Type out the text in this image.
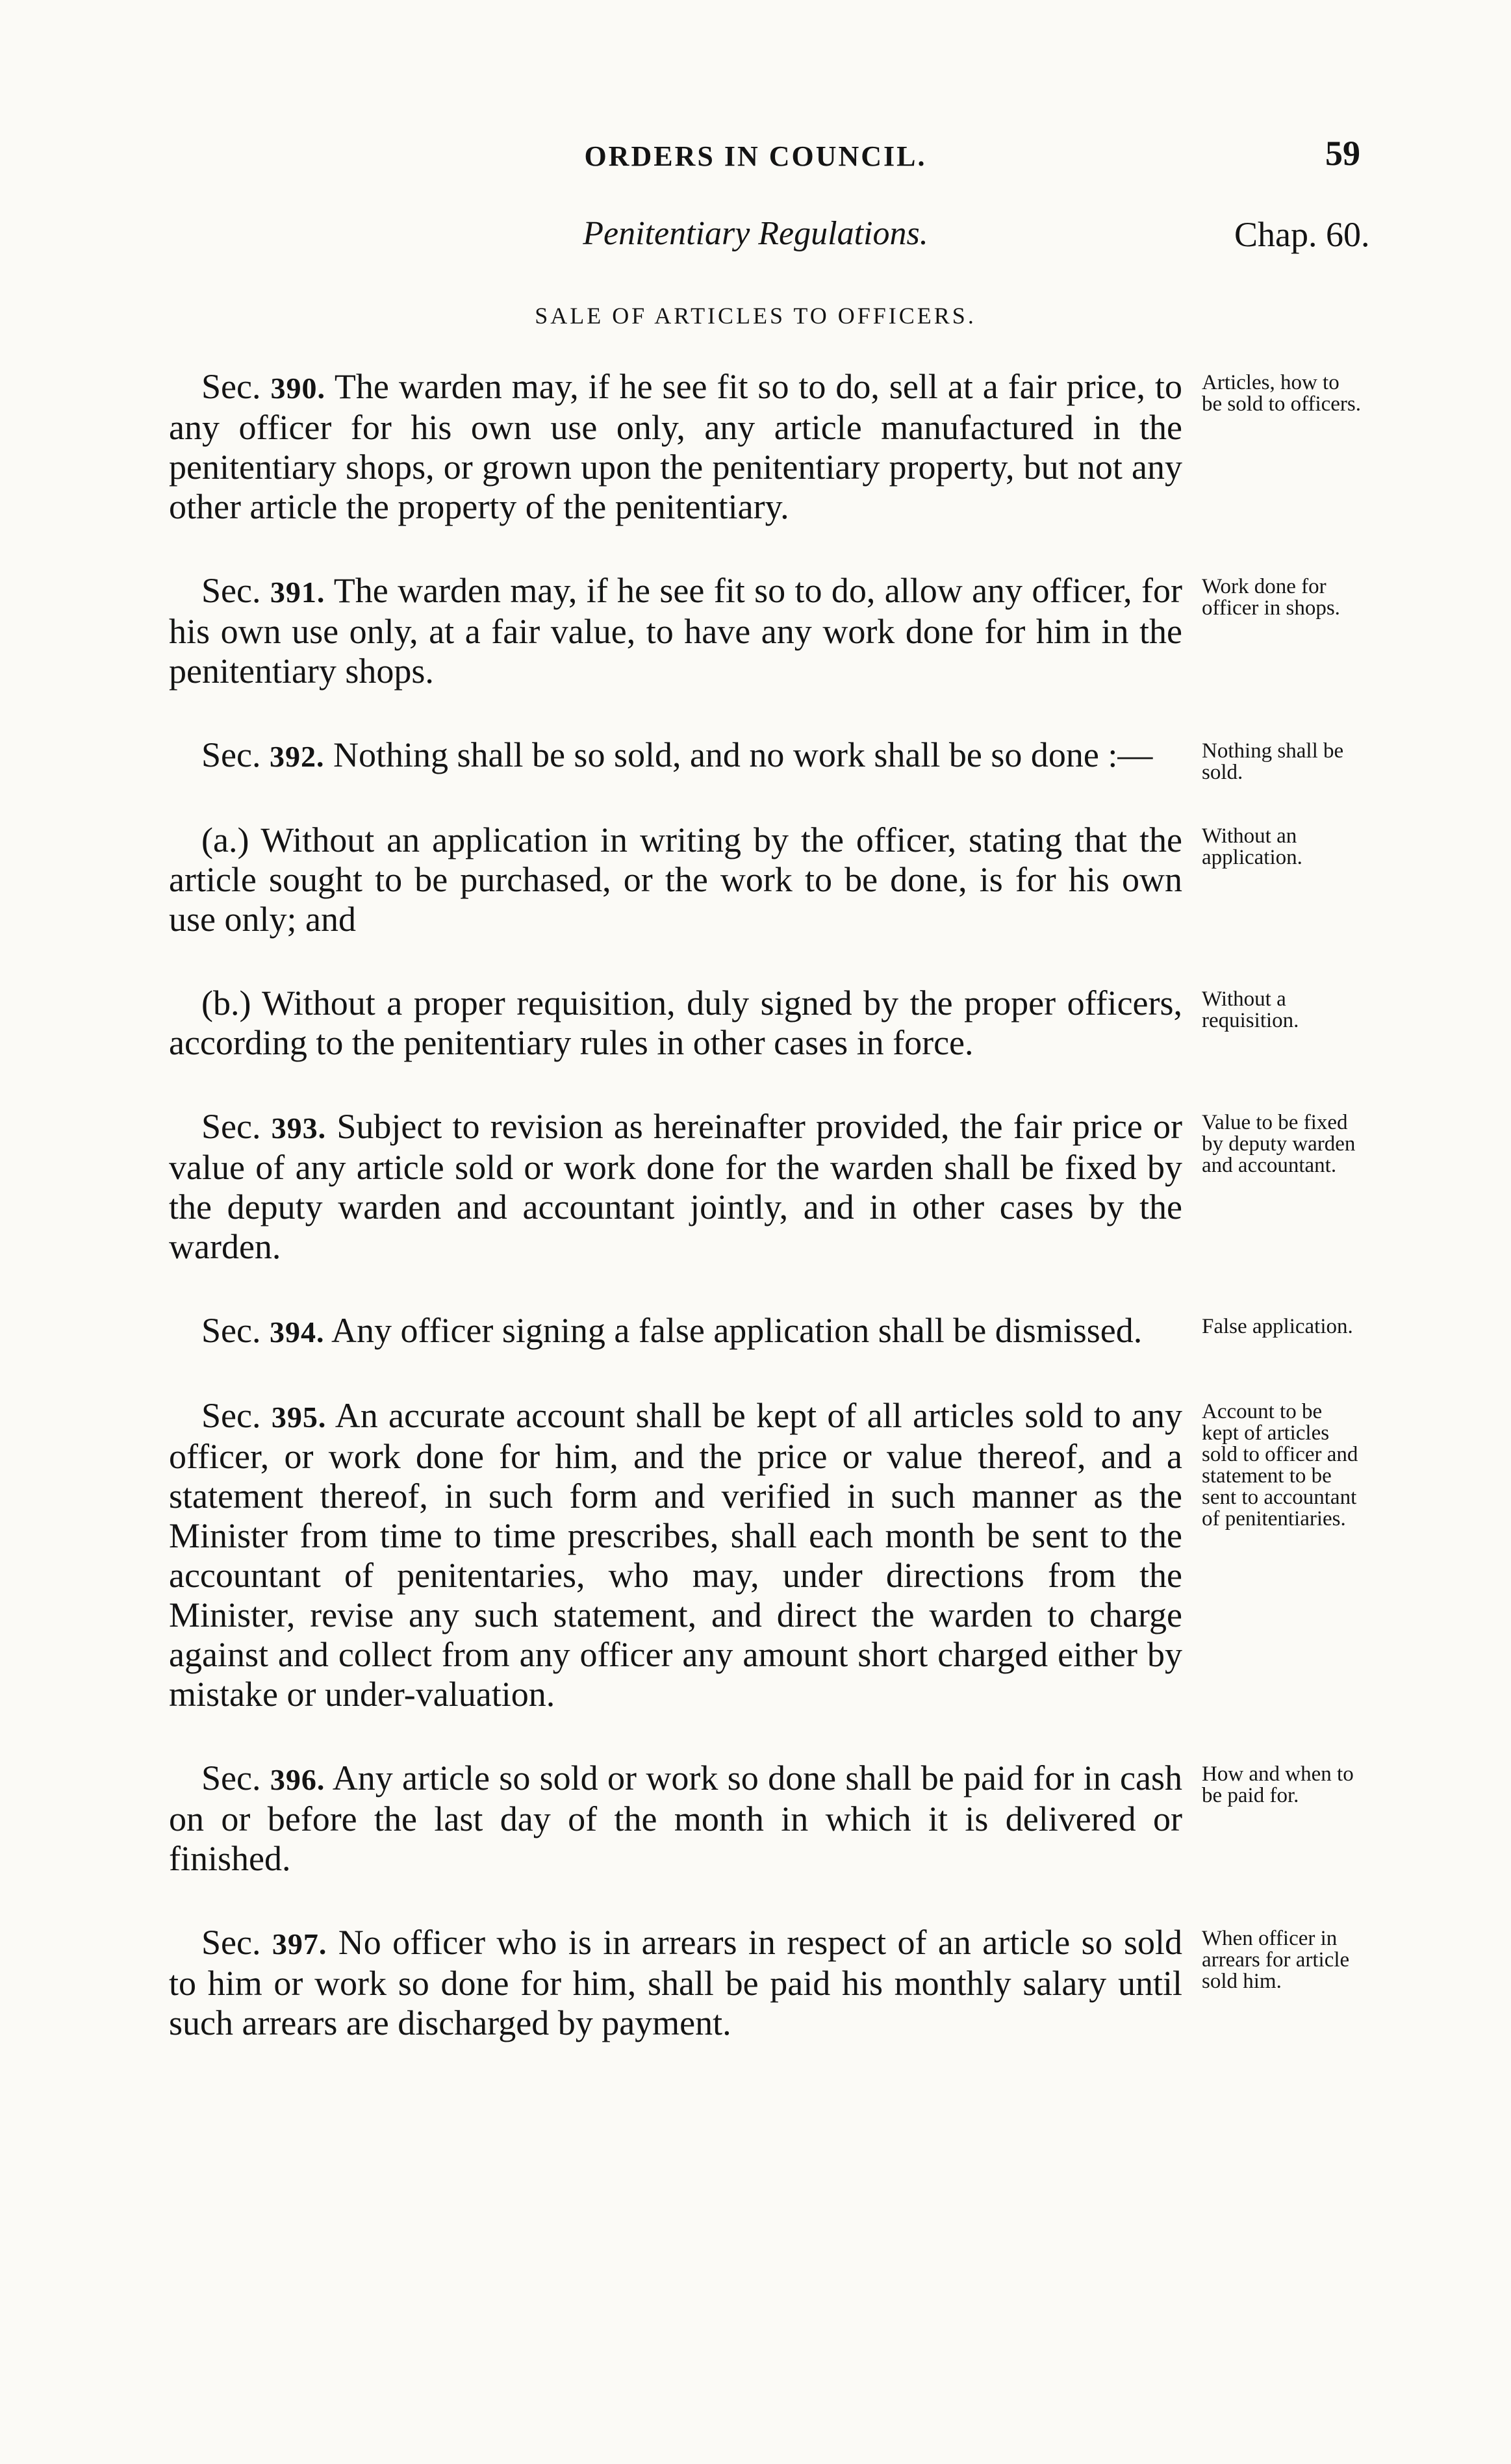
ORDERS IN COUNCIL.	59
Penitentiary Regulations.	Chap. 60.
SALE OF ARTICLES TO OFFICERS.

Sec. 390. The warden may, if he see fit so to do, sell at a fair price, to any officer for his own use only, any article manufactured in the penitentiary shops, or grown upon the penitentiary property, but not any other article the property of the penitentiary.

Sec. 391. The warden may, if he see fit so to do, allow any officer, for his own use only, at a fair value, to have any work done for him in the penitentiary shops.

Sec. 392. Nothing shall be so sold, and no work shall be so done :—

(a.) Without an application in writing by the officer, stating that the article sought to be purchased, or the work to be done, is for his own use only; and

(b.) Without a proper requisition, duly signed by the proper officers, according to the penitentiary rules in other cases in force.

Sec. 393. Subject to revision as hereinafter provided, the fair price or value of any article sold or work done for the warden shall be fixed by the deputy warden and accountant jointly, and in other cases by the warden.

Sec. 394. Any officer signing a false application shall be dismissed.

Sec. 395. An accurate account shall be kept of all articles sold to any officer, or work done for him, and the price or value thereof, and a statement thereof, in such form and verified in such manner as the Minister from time to time prescribes, shall each month be sent to the accountant of penitentaries, who may, under directions from the Minister, revise any such statement, and direct the warden to charge against and collect from any officer any amount short charged either by mistake or under-valuation.

Sec. 396. Any article so sold or work so done shall be paid for in cash on or before the last day of the month in which it is delivered or finished.

Sec. 397. No officer who is in arrears in respect of an article so sold to him or work so done for him, shall be paid his monthly salary until such arrears are discharged by payment.

Articles, how to be sold to officers.
Work done for officer in shops.
Nothing shall be sold.
Without an application.
Without a requisition.
Value to be fixed by deputy warden and accountant.
False application.
Account to be kept of articles sold to officer and statement to be sent to accountant of penitentiaries.
How and when to be paid for.
When officer in arrears for article sold him.
